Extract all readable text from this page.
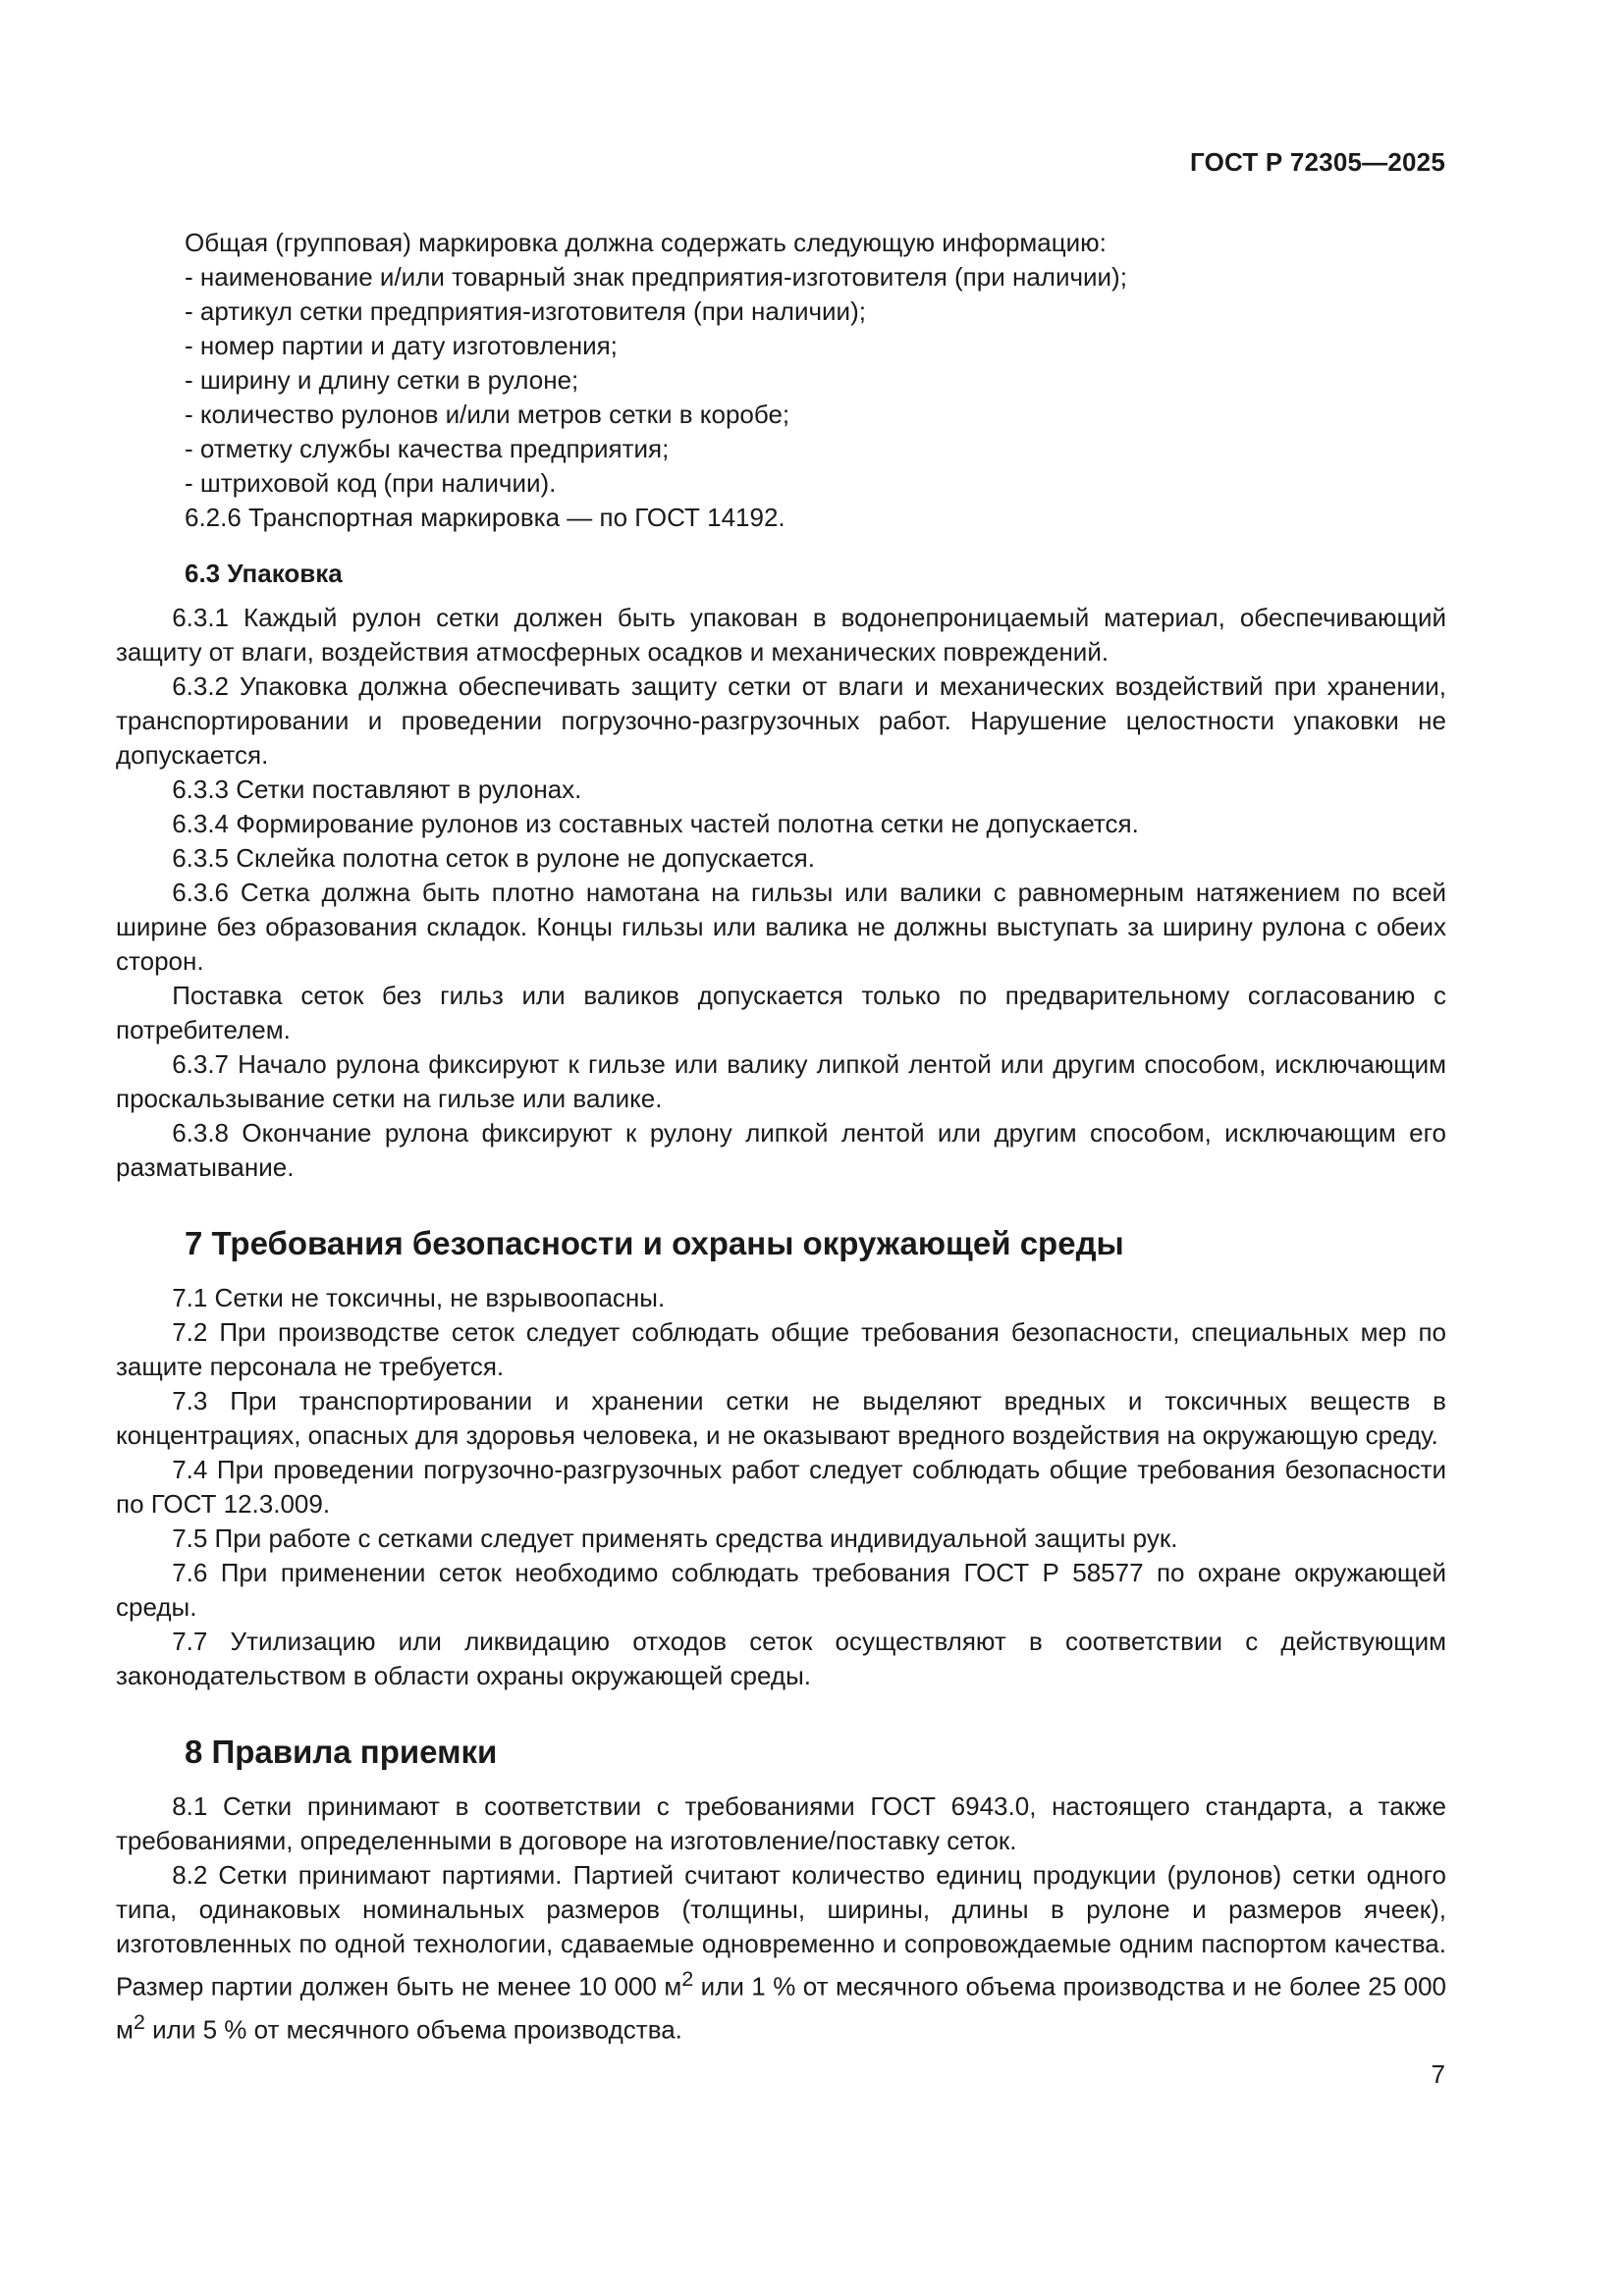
ГОСТ Р 72305—2025

Общая (групповая) маркировка должна содержать следующую информацию:

- наименование и/или товарный знак предприятия-изготовителя (при наличии);
- артикул сетки предприятия-изготовителя (при наличии);
- номер партии и дату изготовления;
- ширину и длину сетки в рулоне;
- количество рулонов и/или метров сетки в коробе;
- отметку службы качества предприятия;
- штриховой код (при наличии).

6.2.6 Транспортная маркировка — по ГОСТ 14192.

6.3 Упаковка

6.3.1 Каждый рулон сетки должен быть упакован в водонепроницаемый материал, обеспечивающий защиту от влаги, воздействия атмосферных осадков и механических повреждений.

6.3.2 Упаковка должна обеспечивать защиту сетки от влаги и механических воздействий при хранении, транспортировании и проведении погрузочно-разгрузочных работ. Нарушение целостности упаковки не допускается.

6.3.3 Сетки поставляют в рулонах.

6.3.4 Формирование рулонов из составных частей полотна сетки не допускается.

6.3.5 Склейка полотна сеток в рулоне не допускается.

6.3.6 Сетка должна быть плотно намотана на гильзы или валики с равномерным натяжением по всей ширине без образования складок. Концы гильзы или валика не должны выступать за ширину рулона с обеих сторон.

Поставка сеток без гильз или валиков допускается только по предварительному согласованию с потребителем.

6.3.7 Начало рулона фиксируют к гильзе или валику липкой лентой или другим способом, исключающим проскальзывание сетки на гильзе или валике.

6.3.8 Окончание рулона фиксируют к рулону липкой лентой или другим способом, исключающим его разматывание.

7 Требования безопасности и охраны окружающей среды

7.1 Сетки не токсичны, не взрывоопасны.

7.2 При производстве сеток следует соблюдать общие требования безопасности, специальных мер по защите персонала не требуется.

7.3 При транспортировании и хранении сетки не выделяют вредных и токсичных веществ в концентрациях, опасных для здоровья человека, и не оказывают вредного воздействия на окружающую среду.

7.4 При проведении погрузочно-разгрузочных работ следует соблюдать общие требования безопасности по ГОСТ 12.3.009.

7.5 При работе с сетками следует применять средства индивидуальной защиты рук.

7.6 При применении сеток необходимо соблюдать требования ГОСТ Р 58577 по охране окружающей среды.

7.7 Утилизацию или ликвидацию отходов сеток осуществляют в соответствии с действующим законодательством в области охраны окружающей среды.

8 Правила приемки

8.1 Сетки принимают в соответствии с требованиями ГОСТ 6943.0, настоящего стандарта, а также требованиями, определенными в договоре на изготовление/поставку сеток.

8.2 Сетки принимают партиями. Партией считают количество единиц продукции (рулонов) сетки одного типа, одинаковых номинальных размеров (толщины, ширины, длины в рулоне и размеров ячеек), изготовленных по одной технологии, сдаваемые одновременно и сопровождаемые одним паспортом качества. Размер партии должен быть не менее 10 000 $м^2$ или 1 % от месячного объема производства и не более 25 000 $м^2$ или 5 % от месячного объема производства.

7
